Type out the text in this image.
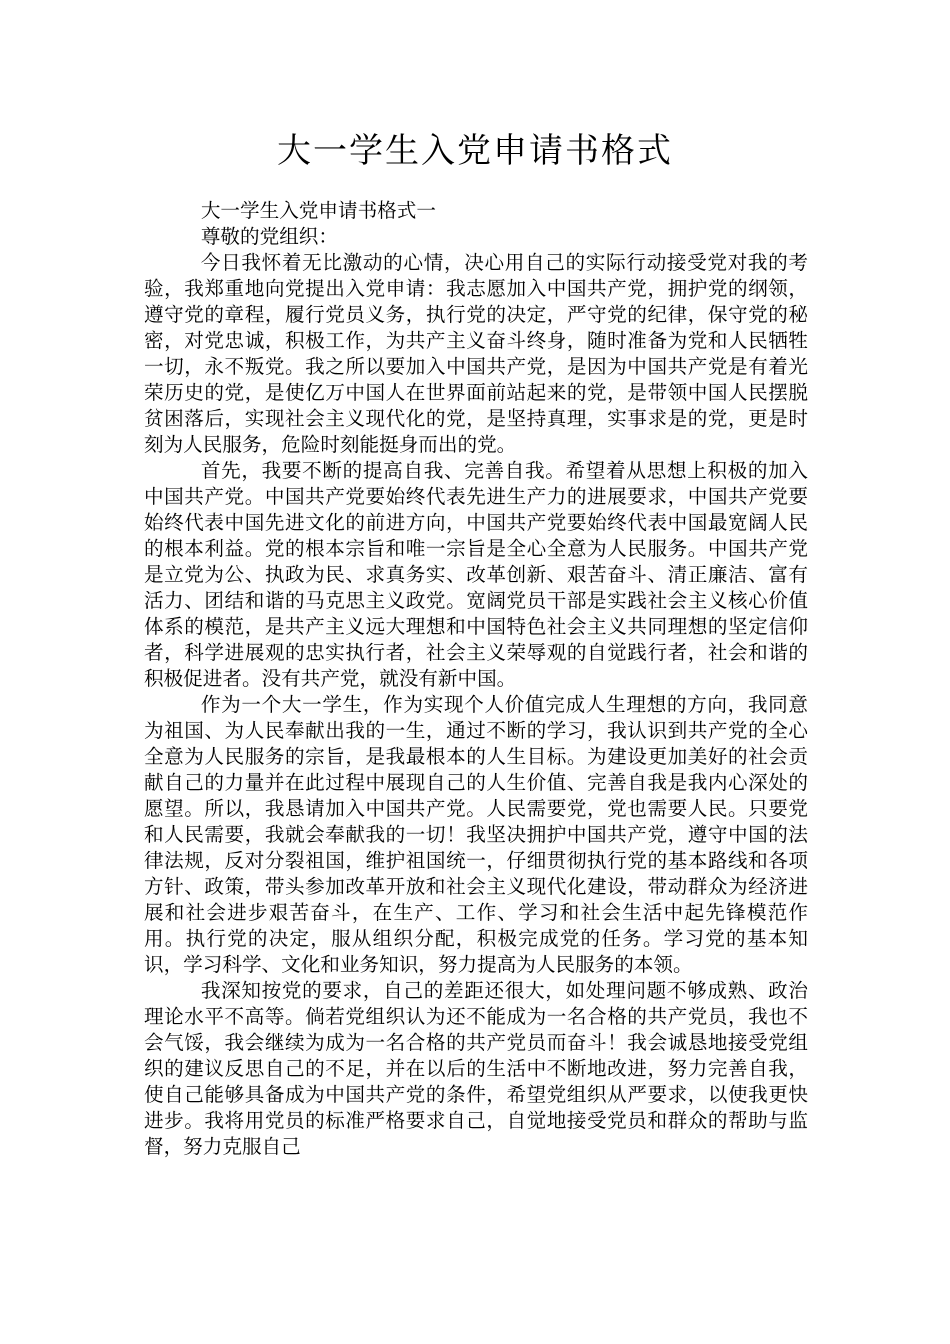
大一学生入党申请书格式

大一学生入党申请书格式一

尊敬的党组织：

今日我怀着无比激动的心情，决心用自己的实际行动接受党对我的考验，我郑重地向党提出入党申请：我志愿加入中国共产党，拥护党的纲领，遵守党的章程，履行党员义务，执行党的决定，严守党的纪律，保守党的秘密，对党忠诚，积极工作，为共产主义奋斗终身，随时准备为党和人民牺牲一切，永不叛党。我之所以要加入中国共产党，是因为中国共产党是有着光荣历史的党，是使亿万中国人在世界面前站起来的党，是带领中国人民摆脱贫困落后，实现社会主义现代化的党，是坚持真理，实事求是的党，更是时刻为人民服务，危险时刻能挺身而出的党。

首先，我要不断的提高自我、完善自我。希望着从思想上积极的加入中国共产党。中国共产党要始终代表先进生产力的进展要求，中国共产党要始终代表中国先进文化的前进方向，中国共产党要始终代表中国最宽阔人民的根本利益。党的根本宗旨和唯一宗旨是全心全意为人民服务。中国共产党是立党为公、执政为民、求真务实、改革创新、艰苦奋斗、清正廉洁、富有活力、团结和谐的马克思主义政党。宽阔党员干部是实践社会主义核心价值体系的模范，是共产主义远大理想和中国特色社会主义共同理想的坚定信仰者，科学进展观的忠实执行者，社会主义荣辱观的自觉践行者，社会和谐的积极促进者。没有共产党，就没有新中国。

作为一个大一学生，作为实现个人价值完成人生理想的方向，我同意为祖国、为人民奉献出我的一生，通过不断的学习，我认识到共产党的全心全意为人民服务的宗旨，是我最根本的人生目标。为建设更加美好的社会贡献自己的力量并在此过程中展现自己的人生价值、完善自我是我内心深处的愿望。所以，我恳请加入中国共产党。人民需要党，党也需要人民。只要党和人民需要，我就会奉献我的一切！我坚决拥护中国共产党，遵守中国的法律法规，反对分裂祖国，维护祖国统一，仔细贯彻执行党的基本路线和各项方针、政策，带头参加改革开放和社会主义现代化建设，带动群众为经济进展和社会进步艰苦奋斗，在生产、工作、学习和社会生活中起先锋模范作用。执行党的决定，服从组织分配，积极完成党的任务。学习党的基本知识，学习科学、文化和业务知识，努力提高为人民服务的本领。

我深知按党的要求，自己的差距还很大，如处理问题不够成熟、政治理论水平不高等。倘若党组织认为还不能成为一名合格的共产党员，我也不会气馁，我会继续为成为一名合格的共产党员而奋斗！我会诚恳地接受党组织的建议反思自己的不足，并在以后的生活中不断地改进，努力完善自我，使自己能够具备成为中国共产党的条件，希望党组织从严要求，以使我更快进步。我将用党员的标准严格要求自己，自觉地接受党员和群众的帮助与监督，努力克服自己
